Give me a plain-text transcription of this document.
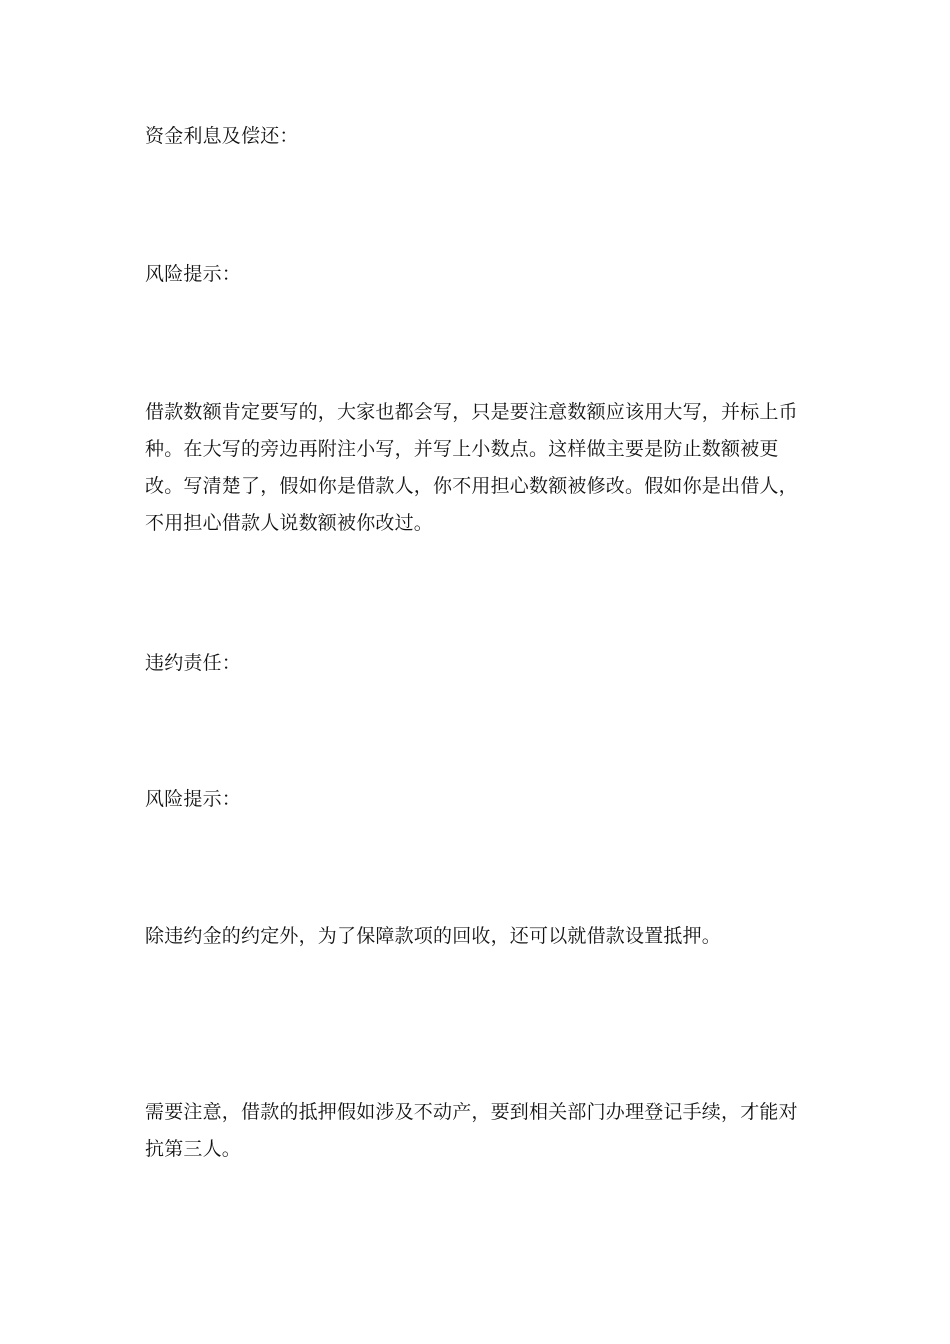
资金利息及偿还：

风险提示：

借款数额肯定要写的，大家也都会写，只是要注意数额应该用大写，并标上币种。在大写的旁边再附注小写，并写上小数点。这样做主要是防止数额被更改。写清楚了，假如你是借款人，你不用担心数额被修改。假如你是出借人，不用担心借款人说数额被你改过。

违约责任：

风险提示：

除违约金的约定外，为了保障款项的回收，还可以就借款设置抵押。

需要注意，借款的抵押假如涉及不动产，要到相关部门办理登记手续，才能对抗第三人。
